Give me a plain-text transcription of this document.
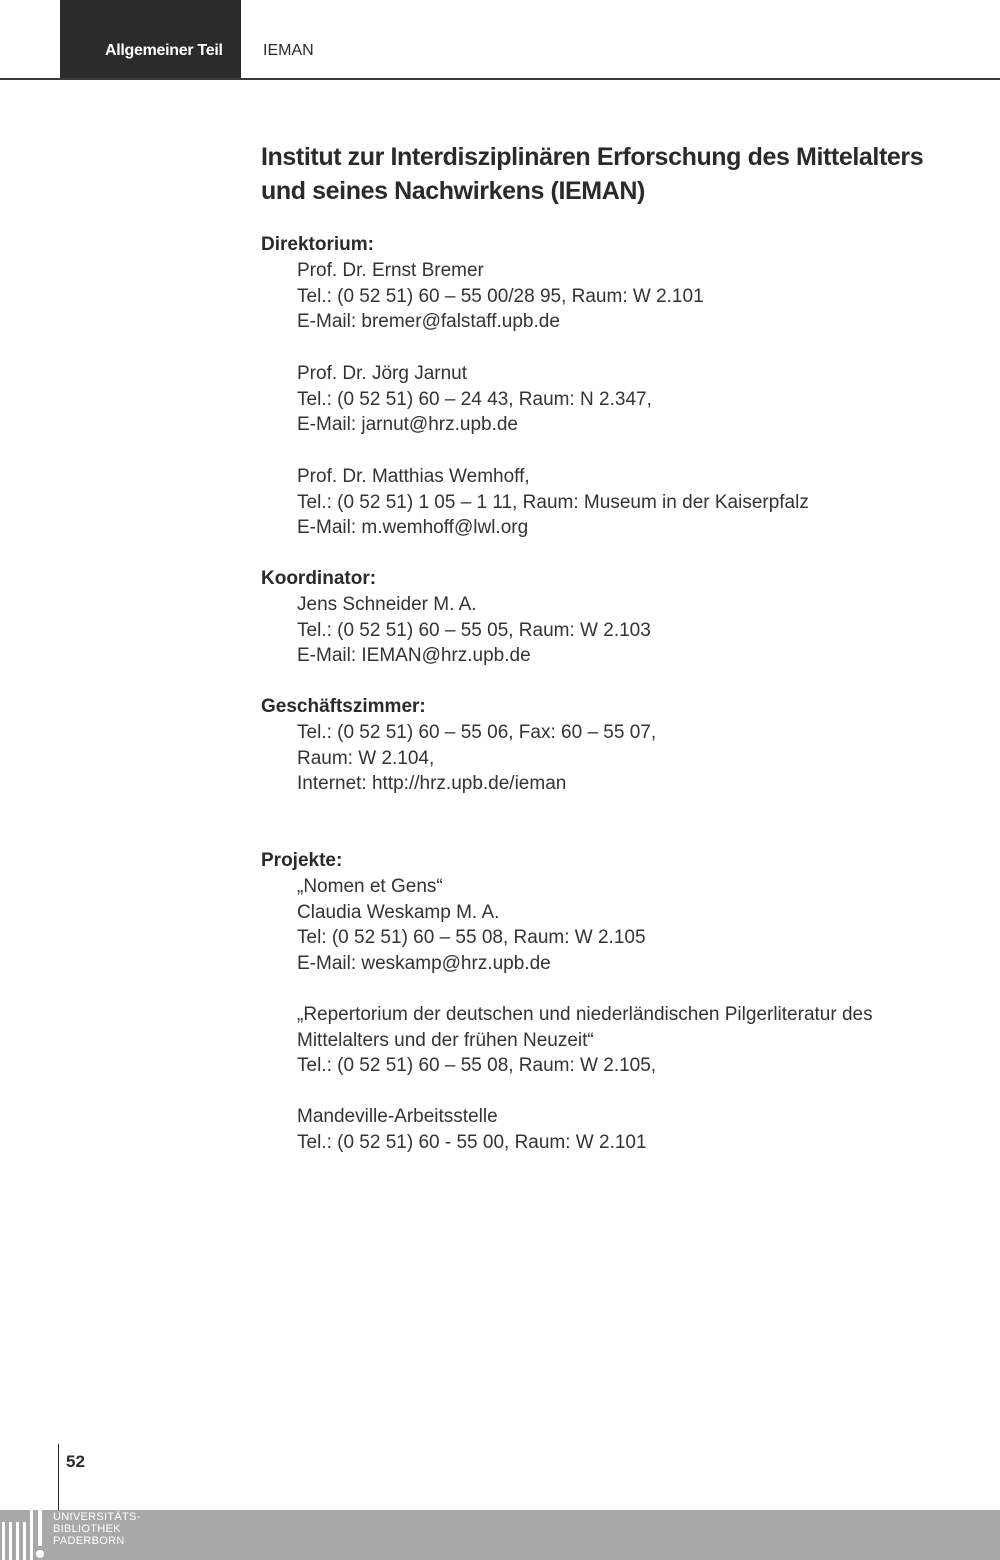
Allgemeiner Teil	IEMAN
Institut zur Interdisziplinären Erforschung des Mittelalters und seines Nachwirkens (IEMAN)
Direktorium:
Prof. Dr. Ernst Bremer
Tel.: (0 52 51) 60 – 55 00/28 95, Raum: W 2.101
E-Mail: bremer@falstaff.upb.de
Prof. Dr. Jörg Jarnut
Tel.: (0 52 51) 60 – 24 43, Raum: N 2.347,
E-Mail: jarnut@hrz.upb.de
Prof. Dr. Matthias Wemhoff,
Tel.: (0 52 51) 1 05 – 1 11, Raum: Museum in der Kaiserpfalz
E-Mail: m.wemhoff@lwl.org
Koordinator:
Jens Schneider M. A.
Tel.: (0 52 51) 60 – 55 05, Raum: W 2.103
E-Mail: IEMAN@hrz.upb.de
Geschäftszimmer:
Tel.: (0 52 51) 60 – 55 06, Fax: 60 – 55 07,
Raum: W 2.104,
Internet: http://hrz.upb.de/ieman
Projekte:
„Nomen et Gens“
Claudia Weskamp M. A.
Tel: (0 52 51) 60 – 55 08, Raum: W 2.105
E-Mail: weskamp@hrz.upb.de
„Repertorium der deutschen und niederländischen Pilgerliteratur des
Mittelalters und der frühen Neuzeit“
Tel.: (0 52 51) 60 – 55 08, Raum: W 2.105,
Mandeville-Arbeitsstelle
Tel.: (0 52 51) 60 - 55 00, Raum: W 2.101
52
UNIVERSITÄTS-
BIBLIOTHEK
PADERBORN
